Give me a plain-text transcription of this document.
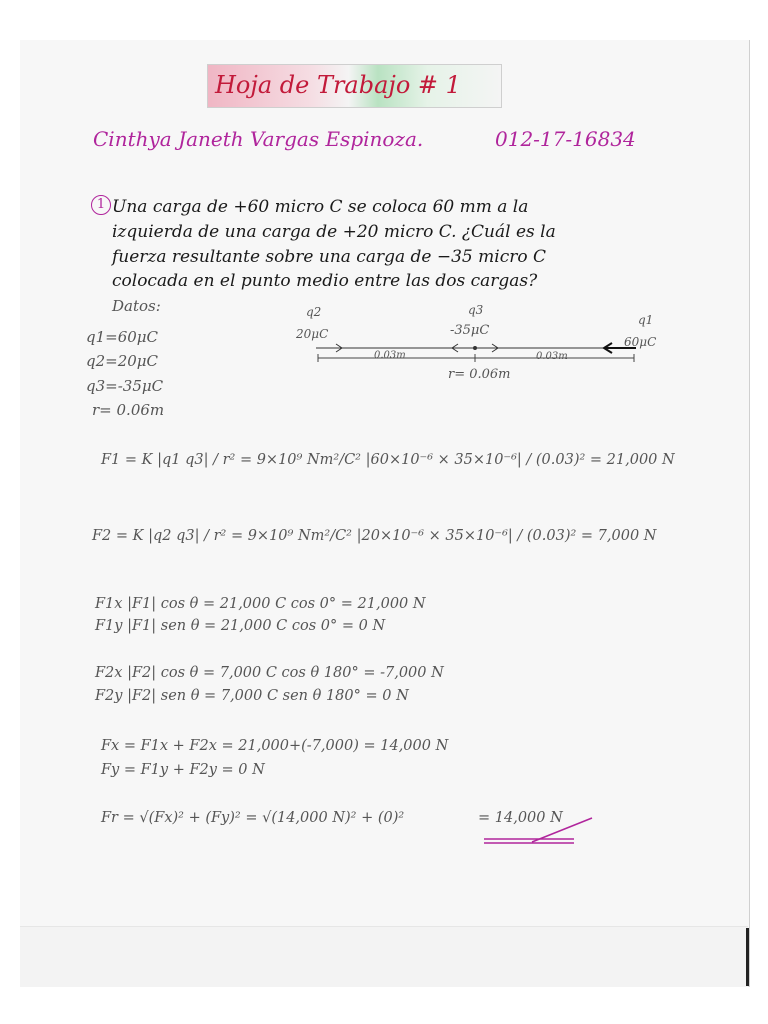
Hoja de Trabajo # 1
Cinthya Janeth Vargas Espinoza.	012-17-16834
1 Una carga de +60 micro C se coloca 60 mm a la
izquierda de una carga de +20 micro C. ¿Cuál es la
fuerza resultante sobre una carga de −35 micro C
colocada en el punto medio entre las dos cargas?
Datos:
q1=60μC
q2=20μC
q3=-35μC
r= 0.06m
q2
20μC
q3
-35μC
q1
60μC
0.03m	0.03m
r= 0.06m
F1 = K |q1 q3| / r² = 9×10⁹ Nm²/C² |60×10⁻⁶ × 35×10⁻⁶| / (0.03)² = 21,000 N
F2 = K |q2 q3| / r² = 9×10⁹ Nm²/C² |20×10⁻⁶ × 35×10⁻⁶| / (0.03)² = 7,000 N
F1x |F1| cos θ = 21,000 C cos 0° = 21,000 N
F1y |F1| sen θ = 21,000 C cos 0° = 0 N
F2x |F2| cos θ = 7,000 C cos θ 180° = -7,000 N
F2y |F2| sen θ = 7,000 C sen θ 180° = 0 N
Fx = F1x + F2x = 21,000+(-7,000) = 14,000 N
Fy = F1y + F2y = 0 N
Fr = √(Fx)² + (Fy)² = √(14,000 N)² + (0)²	= 14,000 N
